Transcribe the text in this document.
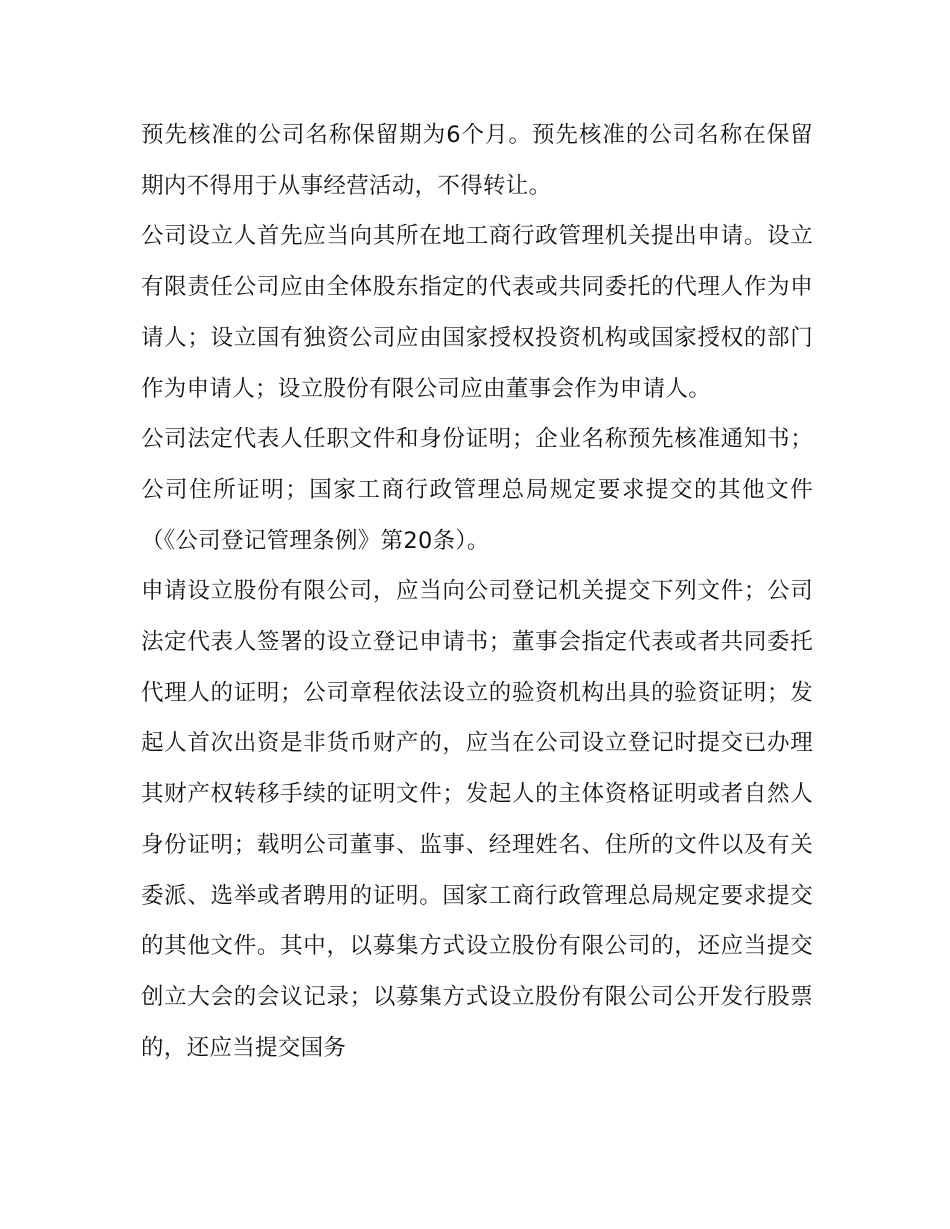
预先核准的公司名称保留期为6个月。预先核准的公司名称在保留期内不得用于从事经营活动，不得转让。

公司设立人首先应当向其所在地工商行政管理机关提出申请。设立有限责任公司应由全体股东指定的代表或共同委托的代理人作为申请人；设立国有独资公司应由国家授权投资机构或国家授权的部门作为申请人；设立股份有限公司应由董事会作为申请人。

公司法定代表人任职文件和身份证明；企业名称预先核准通知书；公司住所证明；国家工商行政管理总局规定要求提交的其他文件（《公司登记管理条例》第20条）。

申请设立股份有限公司，应当向公司登记机关提交下列文件；公司法定代表人签署的设立登记申请书；董事会指定代表或者共同委托代理人的证明；公司章程依法设立的验资机构出具的验资证明；发起人首次出资是非货币财产的，应当在公司设立登记时提交已办理其财产权转移手续的证明文件；发起人的主体资格证明或者自然人身份证明；载明公司董事、监事、经理姓名、住所的文件以及有关委派、选举或者聘用的证明。国家工商行政管理总局规定要求提交的其他文件。其中，以募集方式设立股份有限公司的，还应当提交创立大会的会议记录；以募集方式设立股份有限公司公开发行股票的，还应当提交国务
